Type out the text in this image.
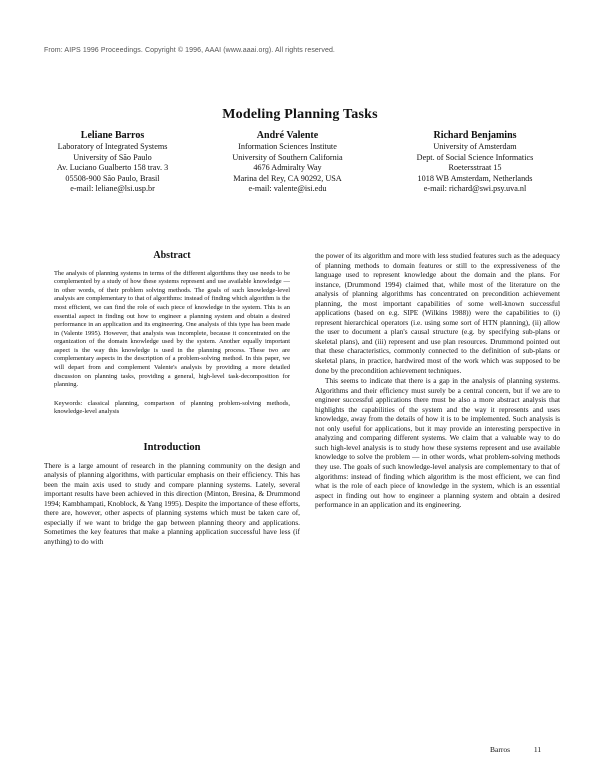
From: AIPS 1996 Proceedings. Copyright © 1996, AAAI (www.aaai.org). All rights reserved.
Modeling Planning Tasks
Leliane Barros
Laboratory of Integrated Systems
University of São Paulo
Av. Luciano Gualberto 158 trav. 3
05508-900 São Paulo, Brasil
e-mail: leliane@lsi.usp.br
André Valente
Information Sciences Institute
University of Southern California
4676 Admiralty Way
Marina del Rey, CA 90292, USA
e-mail: valente@isi.edu
Richard Benjamins
University of Amsterdam
Dept. of Social Science Informatics
Roetersstraat 15
1018 WB Amsterdam, Netherlands
e-mail: richard@swi.psy.uva.nl
Abstract

The analysis of planning systems in terms of the different algorithms they use needs to be complemented by a study of how these systems represent and use available knowledge — in other words, of their problem solving methods. The goals of such knowledge-level analysis are complementary to that of algorithms: instead of finding which algorithm is the most efficient, we can find the role of each piece of knowledge in the system. This is an essential aspect in finding out how to engineer a planning system and obtain a desired performance in an application and its engineering. One analysis of this type has been made in (Valente 1995). However, that analysis was incomplete, because it concentrated on the organization of the domain knowledge used by the system. Another equally important aspect is the way this knowledge is used in the planning process. These two are complementary aspects in the description of a problem-solving method. In this paper, we will depart from and complement Valente's analysis by providing a more detailed discussion on planning tasks, providing a general, high-level task-decomposition for planning.

Keywords: classical planning, comparison of planning problem-solving methods, knowledge-level analysis

Introduction

There is a large amount of research in the planning community on the design and analysis of planning algorithms, with particular emphasis on their efficiency. This has been the main axis used to study and compare planning systems. Lately, several important results have been achieved in this direction (Minton, Bresina, & Drummond 1994; Kambhampati, Knoblock, & Yang 1995). Despite the importance of these efforts, there are, however, other aspects of planning systems which must be taken care of, especially if we want to bridge the gap between planning theory and applications. Sometimes the key features that make a planning application successful have less (if anything) to do with

the power of its algorithm and more with less studied features such as the adequacy of planning methods to domain features or still to the expressiveness of the language used to represent knowledge about the domain and the plans. For instance, (Drummond 1994) claimed that, while most of the literature on the analysis of planning algorithms has concentrated on precondition achievement planning, the most important capabilities of some well-known successful applications (based on e.g. SIPE (Wilkins 1988)) were the capabilities to (i) represent hierarchical operators (i.e. using some sort of HTN planning), (ii) allow the user to document a plan's causal structure (e.g. by specifying sub-plans or skeletal plans), and (iii) represent and use plan resources. Drummond pointed out that these characteristics, commonly connected to the definition of sub-plans or skeletal plans, in practice, hardwired most of the work which was supposed to be done by the precondition achievement techniques.

This seems to indicate that there is a gap in the analysis of planning systems. Algorithms and their efficiency must surely be a central concern, but if we are to engineer successful applications there must be also a more abstract analysis that highlights the capabilities of the system and the way it represents and uses knowledge, away from the details of how it is to be implemented. Such analysis is not only useful for applications, but it may provide an interesting perspective in analyzing and comparing different systems. We claim that a valuable way to do such high-level analysis is to study how these systems represent and use available knowledge to solve the problem — in other words, what problem-solving methods they use. The goals of such knowledge-level analysis are complementary to that of algorithms: instead of finding which algorithm is the most efficient, we can find what is the role of each piece of knowledge in the system, which is an essential aspect in finding out how to engineer a planning system and obtain a desired performance in an application and its engineering.

Barros	11
